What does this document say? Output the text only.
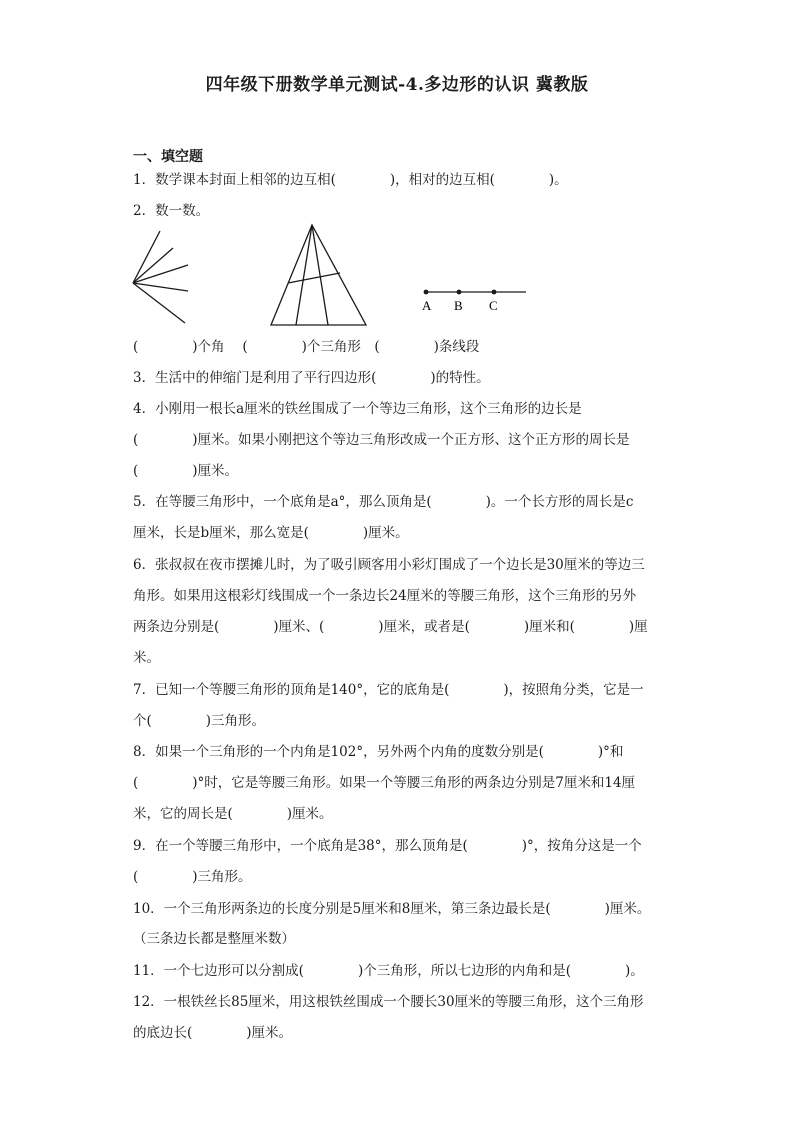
四年级下册数学单元测试-4.多边形的认识 冀教版
一、填空题
1．数学课本封面上相邻的边互相(　　　　)，相对的边互相(　　　　)。
2．数一数。
A B C
(　　　　)个角　 (　　　　)个三角形　(　　　　)条线段
3．生活中的伸缩门是利用了平行四边形(　　　　)的特性。
4．小刚用一根长a厘米的铁丝围成了一个等边三角形，这个三角形的边长是
(　　　　)厘米。如果小刚把这个等边三角形改成一个正方形、这个正方形的周长是
(　　　　)厘米。
5．在等腰三角形中，一个底角是a°，那么顶角是(　　　　)。一个长方形的周长是c
厘米，长是b厘米，那么宽是(　　　　)厘米。
6．张叔叔在夜市摆摊儿时，为了吸引顾客用小彩灯围成了一个边长是30厘米的等边三
角形。如果用这根彩灯线围成一个一条边长24厘米的等腰三角形，这个三角形的另外
两条边分别是(　　　　)厘米、(　　　　)厘米，或者是(　　　　)厘米和(　　　　)厘
米。
7．已知一个等腰三角形的顶角是140°，它的底角是(　　　　)，按照角分类，它是一
个(　　　　)三角形。
8．如果一个三角形的一个内角是102°，另外两个内角的度数分别是(　　　　)°和
(　　　　)°时，它是等腰三角形。如果一个等腰三角形的两条边分别是7厘米和14厘
米，它的周长是(　　　　)厘米。
9．在一个等腰三角形中，一个底角是38°，那么顶角是(　　　　)°，按角分这是一个
(　　　　)三角形。
10．一个三角形两条边的长度分别是5厘米和8厘米，第三条边最长是(　　　　)厘米。
（三条边长都是整厘米数）
11．一个七边形可以分割成(　　　　)个三角形，所以七边形的内角和是(　　　　)。
12．一根铁丝长85厘米，用这根铁丝围成一个腰长30厘米的等腰三角形，这个三角形
的底边长(　　　　)厘米。
